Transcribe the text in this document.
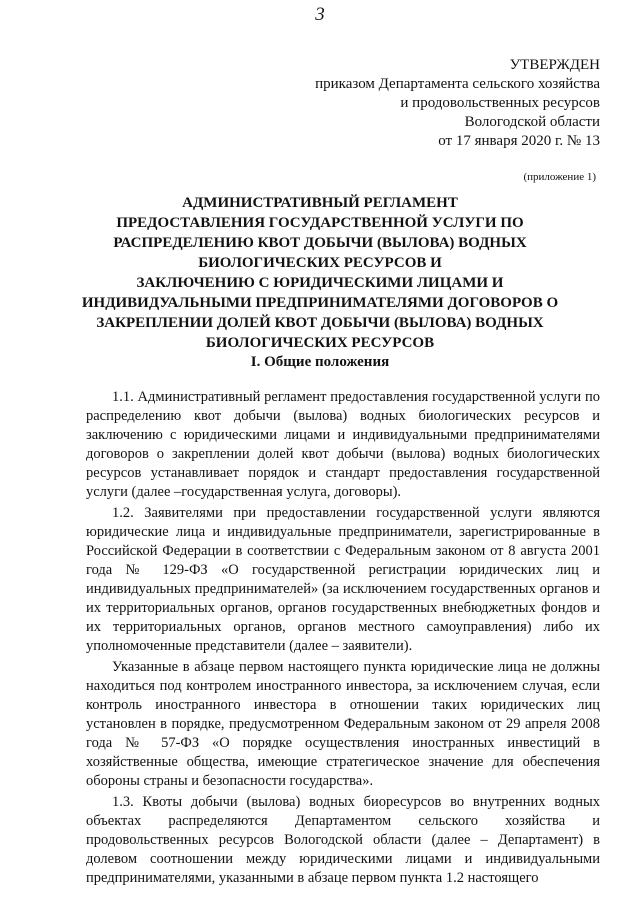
3
УТВЕРЖДЕН
приказом Департамента сельского хозяйства
и продовольственных ресурсов
Вологодской области
от 17 января 2020 г. № 13
(приложение 1)
АДМИНИСТРАТИВНЫЙ РЕГЛАМЕНТ
ПРЕДОСТАВЛЕНИЯ ГОСУДАРСТВЕННОЙ УСЛУГИ ПО
РАСПРЕДЕЛЕНИЮ КВОТ ДОБЫЧИ (ВЫЛОВА) ВОДНЫХ
БИОЛОГИЧЕСКИХ РЕСУРСОВ И
ЗАКЛЮЧЕНИЮ С ЮРИДИЧЕСКИМИ ЛИЦАМИ И
ИНДИВИДУАЛЬНЫМИ ПРЕДПРИНИМАТЕЛЯМИ ДОГОВОРОВ О
ЗАКРЕПЛЕНИИ ДОЛЕЙ КВОТ ДОБЫЧИ (ВЫЛОВА) ВОДНЫХ
БИОЛОГИЧЕСКИХ РЕСУРСОВ
I. Общие положения

1.1. Административный регламент предоставления государственной услуги по распределению квот добычи (вылова) водных биологических ресурсов и заключению с юридическими лицами и индивидуальными предпринимателями договоров о закреплении долей квот добычи (вылова) водных биологических ресурсов устанавливает порядок и стандарт предоставления государственной услуги (далее –государственная услуга, договоры).

1.2. Заявителями при предоставлении государственной услуги являются юридические лица и индивидуальные предприниматели, зарегистрированные в Российской Федерации в соответствии с Федеральным законом от 8 августа 2001 года № 129-ФЗ «О государственной регистрации юридических лиц и индивидуальных предпринимателей» (за исключением государственных органов и их территориальных органов, органов государственных внебюджетных фондов и их территориальных органов, органов местного самоуправления) либо их уполномоченные представители (далее – заявители).

Указанные в абзаце первом настоящего пункта юридические лица не должны находиться под контролем иностранного инвестора, за исключением случая, если контроль иностранного инвестора в отношении таких юридических лиц установлен в порядке, предусмотренном Федеральным законом от 29 апреля 2008 года № 57-ФЗ «О порядке осуществления иностранных инвестиций в хозяйственные общества, имеющие стратегическое значение для обеспечения обороны страны и безопасности государства».

1.3. Квоты добычи (вылова) водных биоресурсов во внутренних водных объектах распределяются Департаментом сельского хозяйства и продовольственных ресурсов Вологодской области (далее – Департамент) в долевом соотношении между юридическими лицами и индивидуальными предпринимателями, указанными в абзаце первом пункта 1.2 настоящего
